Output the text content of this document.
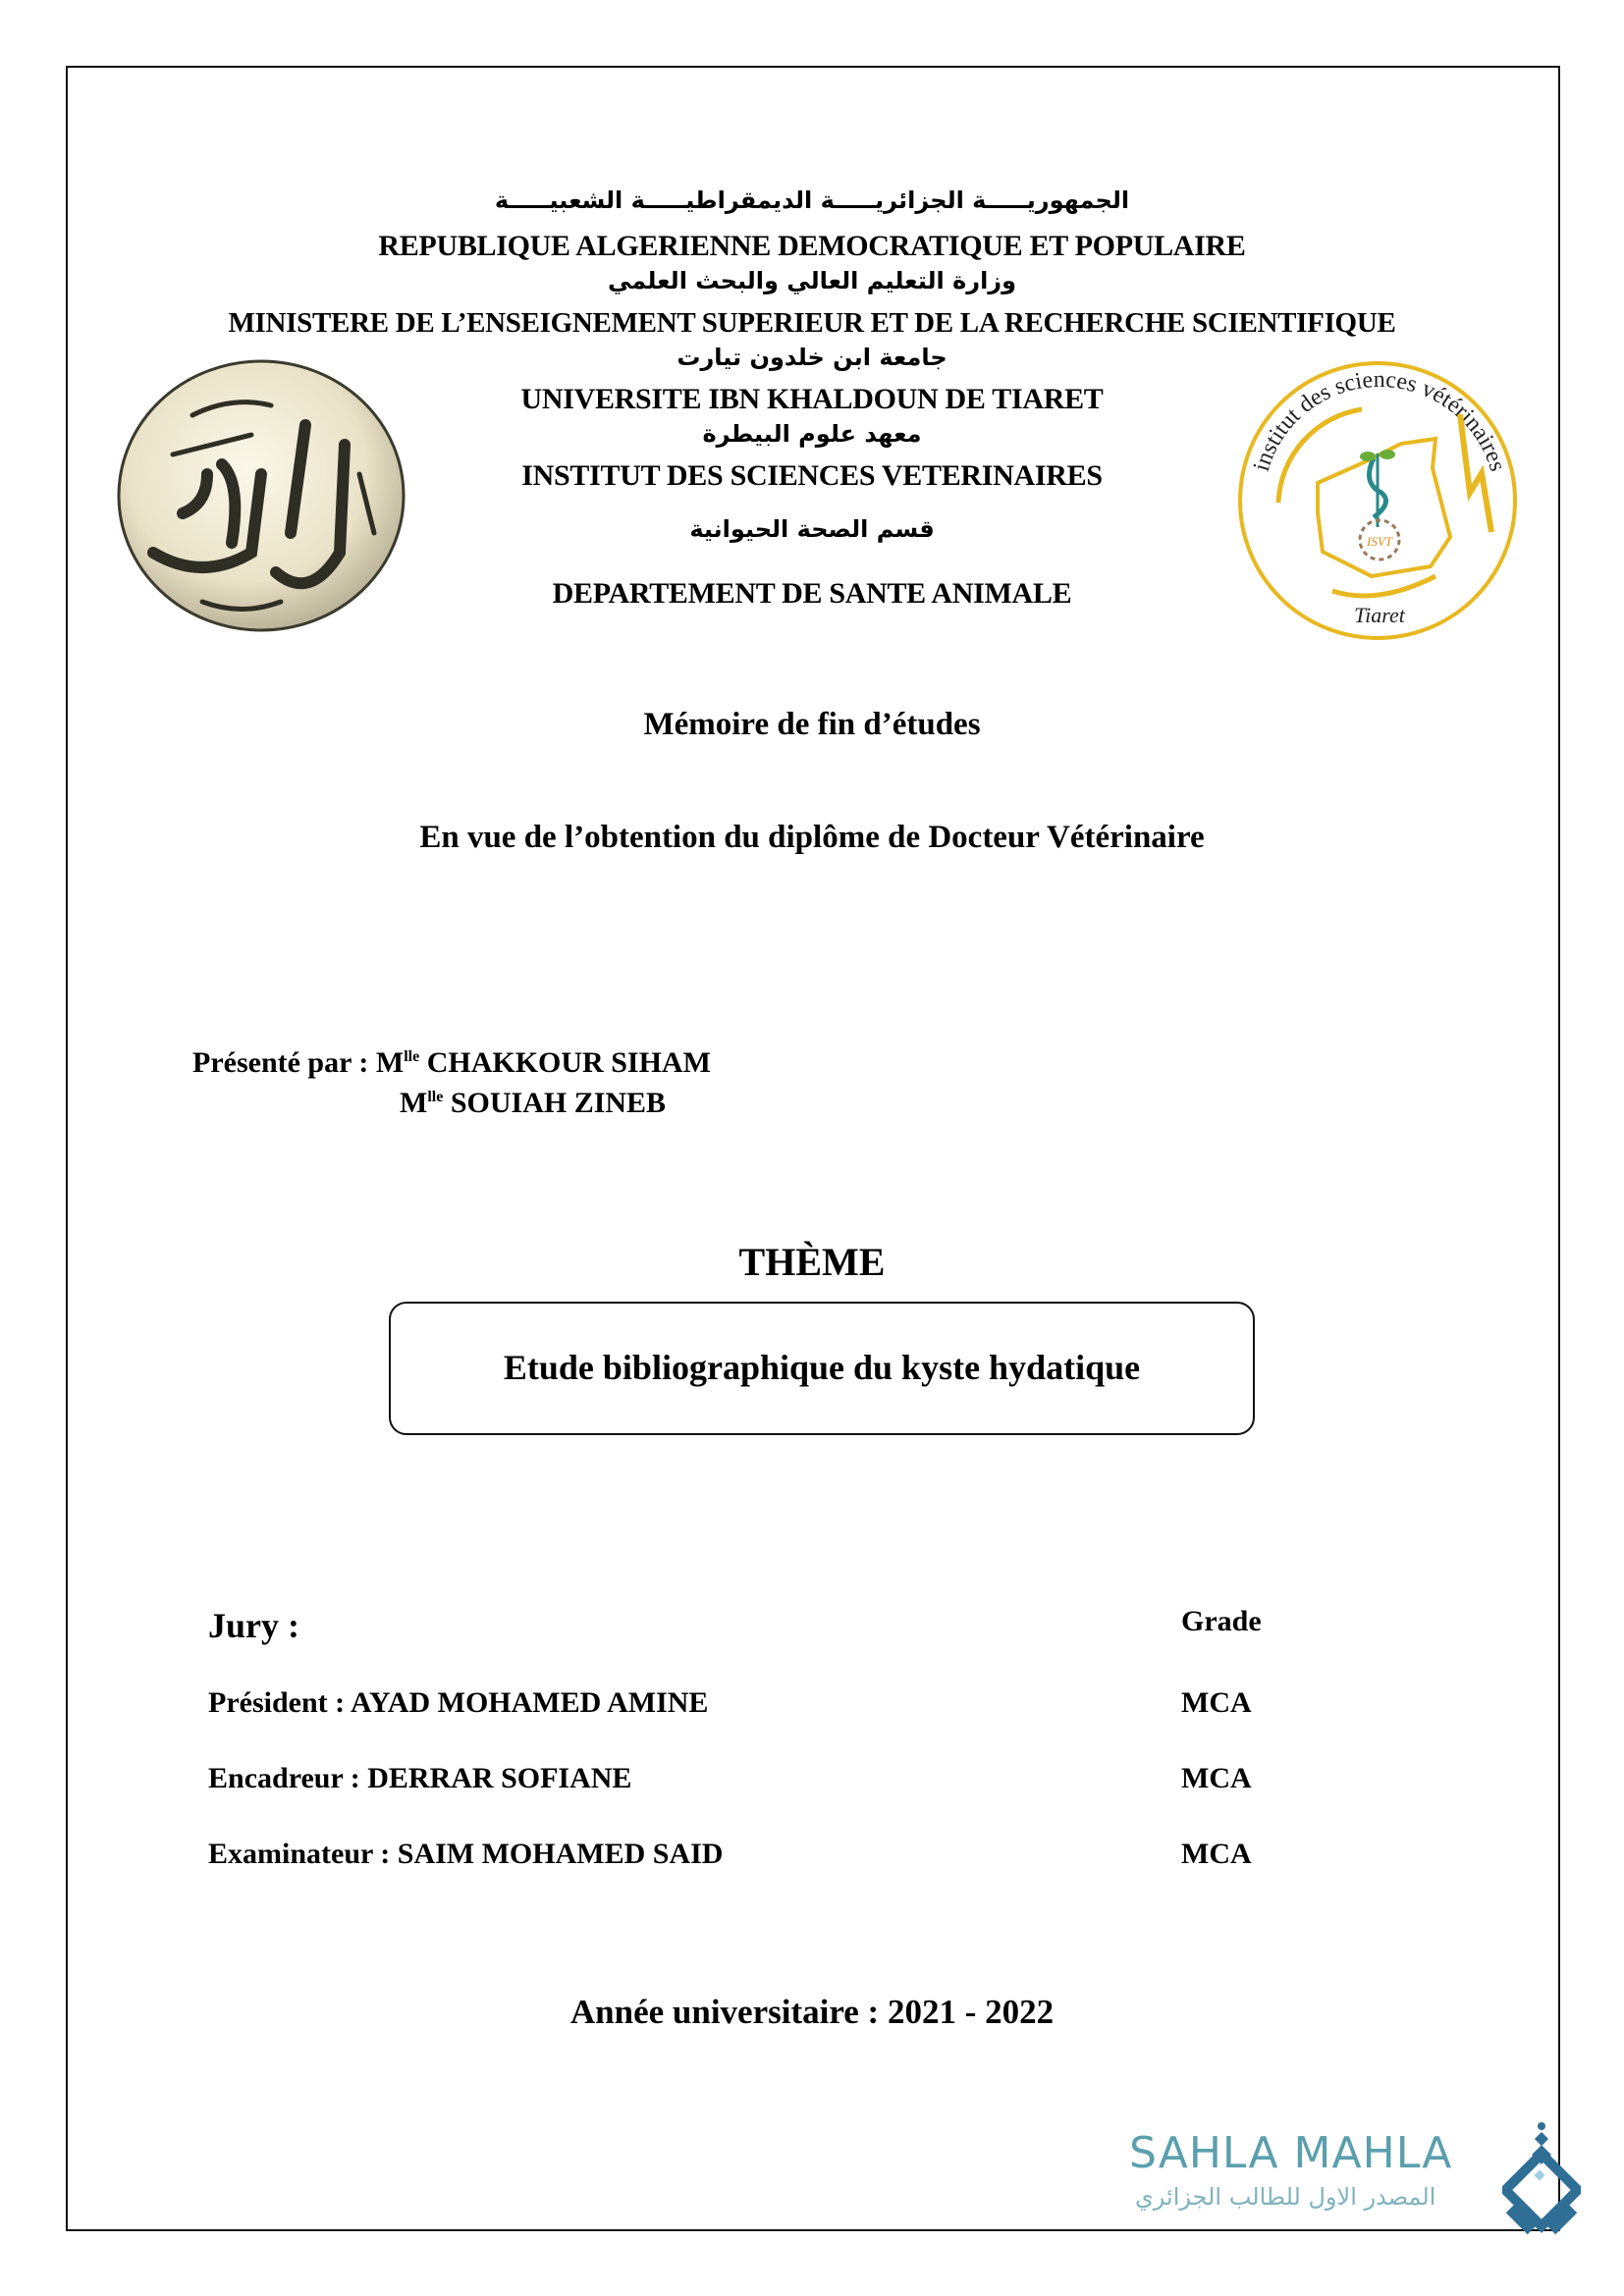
الجمهوريـــــة الجزائريـــــة الديمقراطيـــــة الشعبيـــــة
REPUBLIQUE ALGERIENNE DEMOCRATIQUE ET POPULAIRE
وزارة التعليم العالي والبحث العلمي
MINISTERE DE L’ENSEIGNEMENT SUPERIEUR ET DE LA RECHERCHE SCIENTIFIQUE
جامعة ابن خلدون تيارت
UNIVERSITE IBN KHALDOUN DE TIARET
معهد علوم البيطرة
INSTITUT DES SCIENCES VETERINAIRES
قسم الصحة الحيوانية
DEPARTEMENT DE SANTE ANIMALE
institut des sciences vétérinaires
ISVT
Tiaret
Mémoire de fin d’études
En vue de l’obtention du diplôme de Docteur Vétérinaire
Présenté par : $M^{lle}$ CHAKKOUR SIHAM
$M^{lle}$ SOUIAH ZINEB
THÈME
Etude bibliographique du kyste hydatique
Jury :	Grade
Président : AYAD MOHAMED AMINE	MCA
Encadreur : DERRAR SOFIANE	MCA
Examinateur : SAIM MOHAMED SAID	MCA
Année universitaire : 2021 - 2022
SAHLA MAHLA
المصدر الاول للطالب الجزائري
